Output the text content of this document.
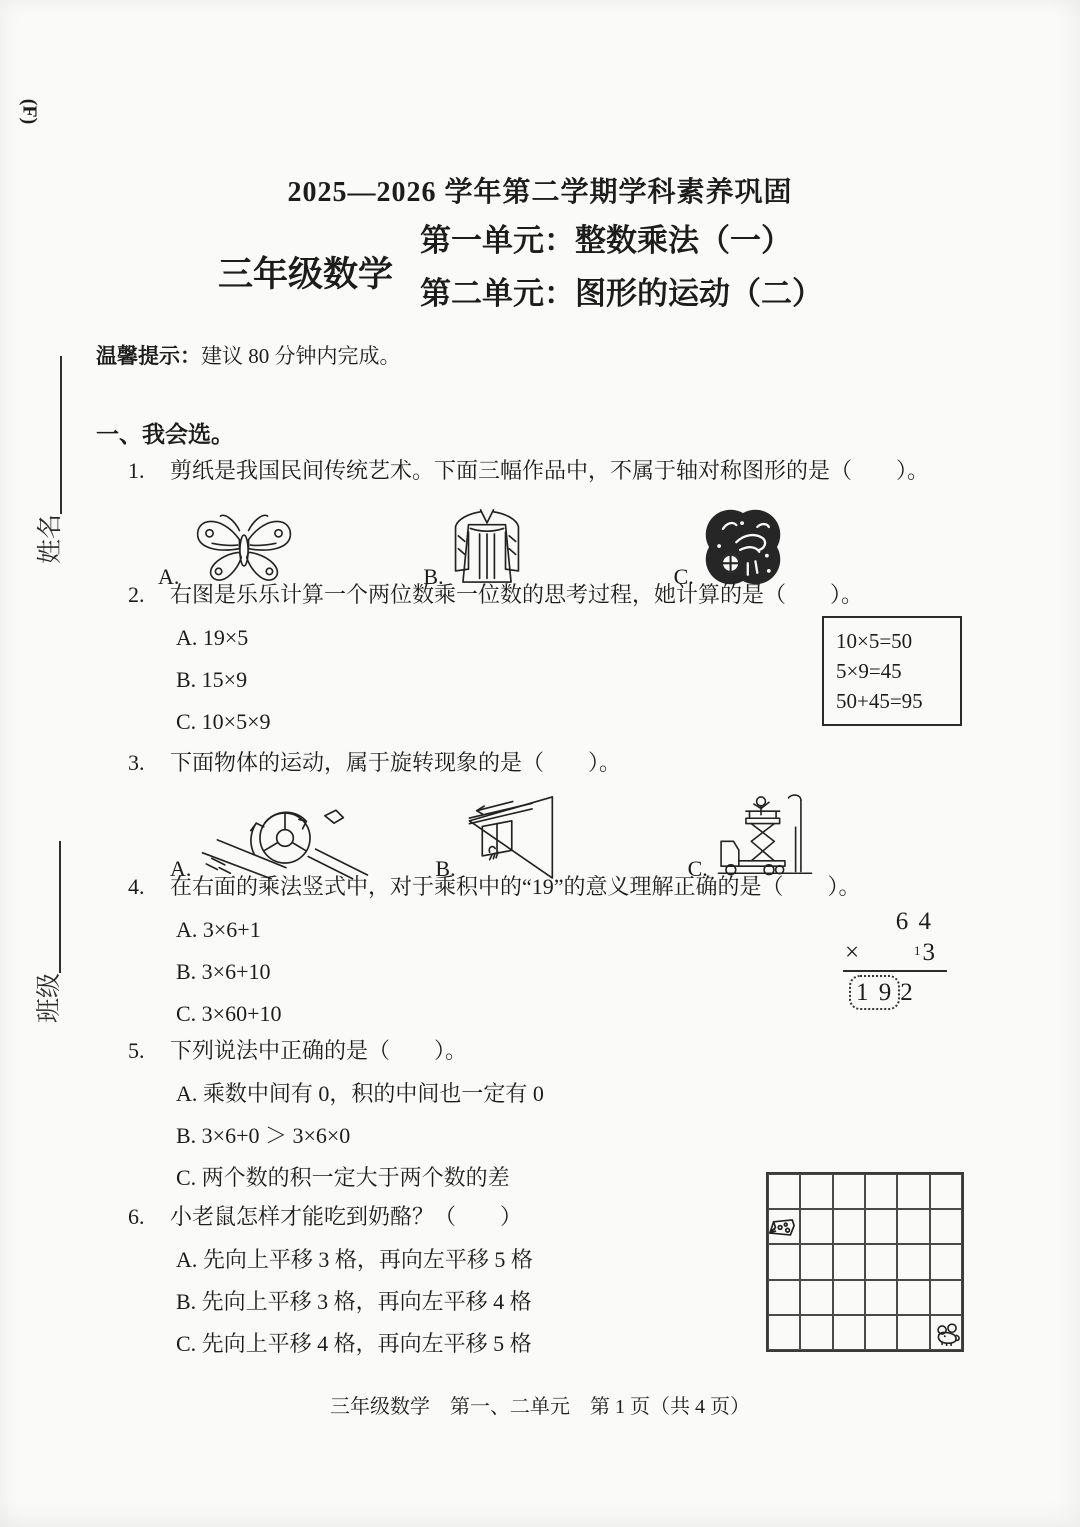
(F)
姓名
班级
2025—2026 学年第二学期学科素养巩固
三年级数学
第一单元：整数乘法（一）
第二单元：图形的运动（二）
温馨提示：建议 80 分钟内完成。
一、我会选。
1.	剪纸是我国民间传统艺术。下面三幅作品中，不属于轴对称图形的是（　　）。
A.	B.	C.
2.	右图是乐乐计算一个两位数乘一位数的思考过程，她计算的是（　　）。
A. 19×5
B. 15×9
C. 10×5×9
10×5=50
5×9=45
50+45=95
3.	下面物体的运动，属于旋转现象的是（　　）。
A.	B.	C.
4.	在右面的乘法竖式中，对于乘积中的“19”的意义理解正确的是（　　）。
A. 3×6+1
B. 3×6+10
C. 3×60+10
6 4
×	1 3
1 9 2
5.	下列说法中正确的是（　　）。
A. 乘数中间有 0，积的中间也一定有 0
B. 3×6+0 ＞ 3×6×0
C. 两个数的积一定大于两个数的差
6.	小老鼠怎样才能吃到奶酪？（　　）
A. 先向上平移 3 格，再向左平移 5 格
B. 先向上平移 3 格，再向左平移 4 格
C. 先向上平移 4 格，再向左平移 5 格
三年级数学　第一、二单元　第 1 页（共 4 页）
